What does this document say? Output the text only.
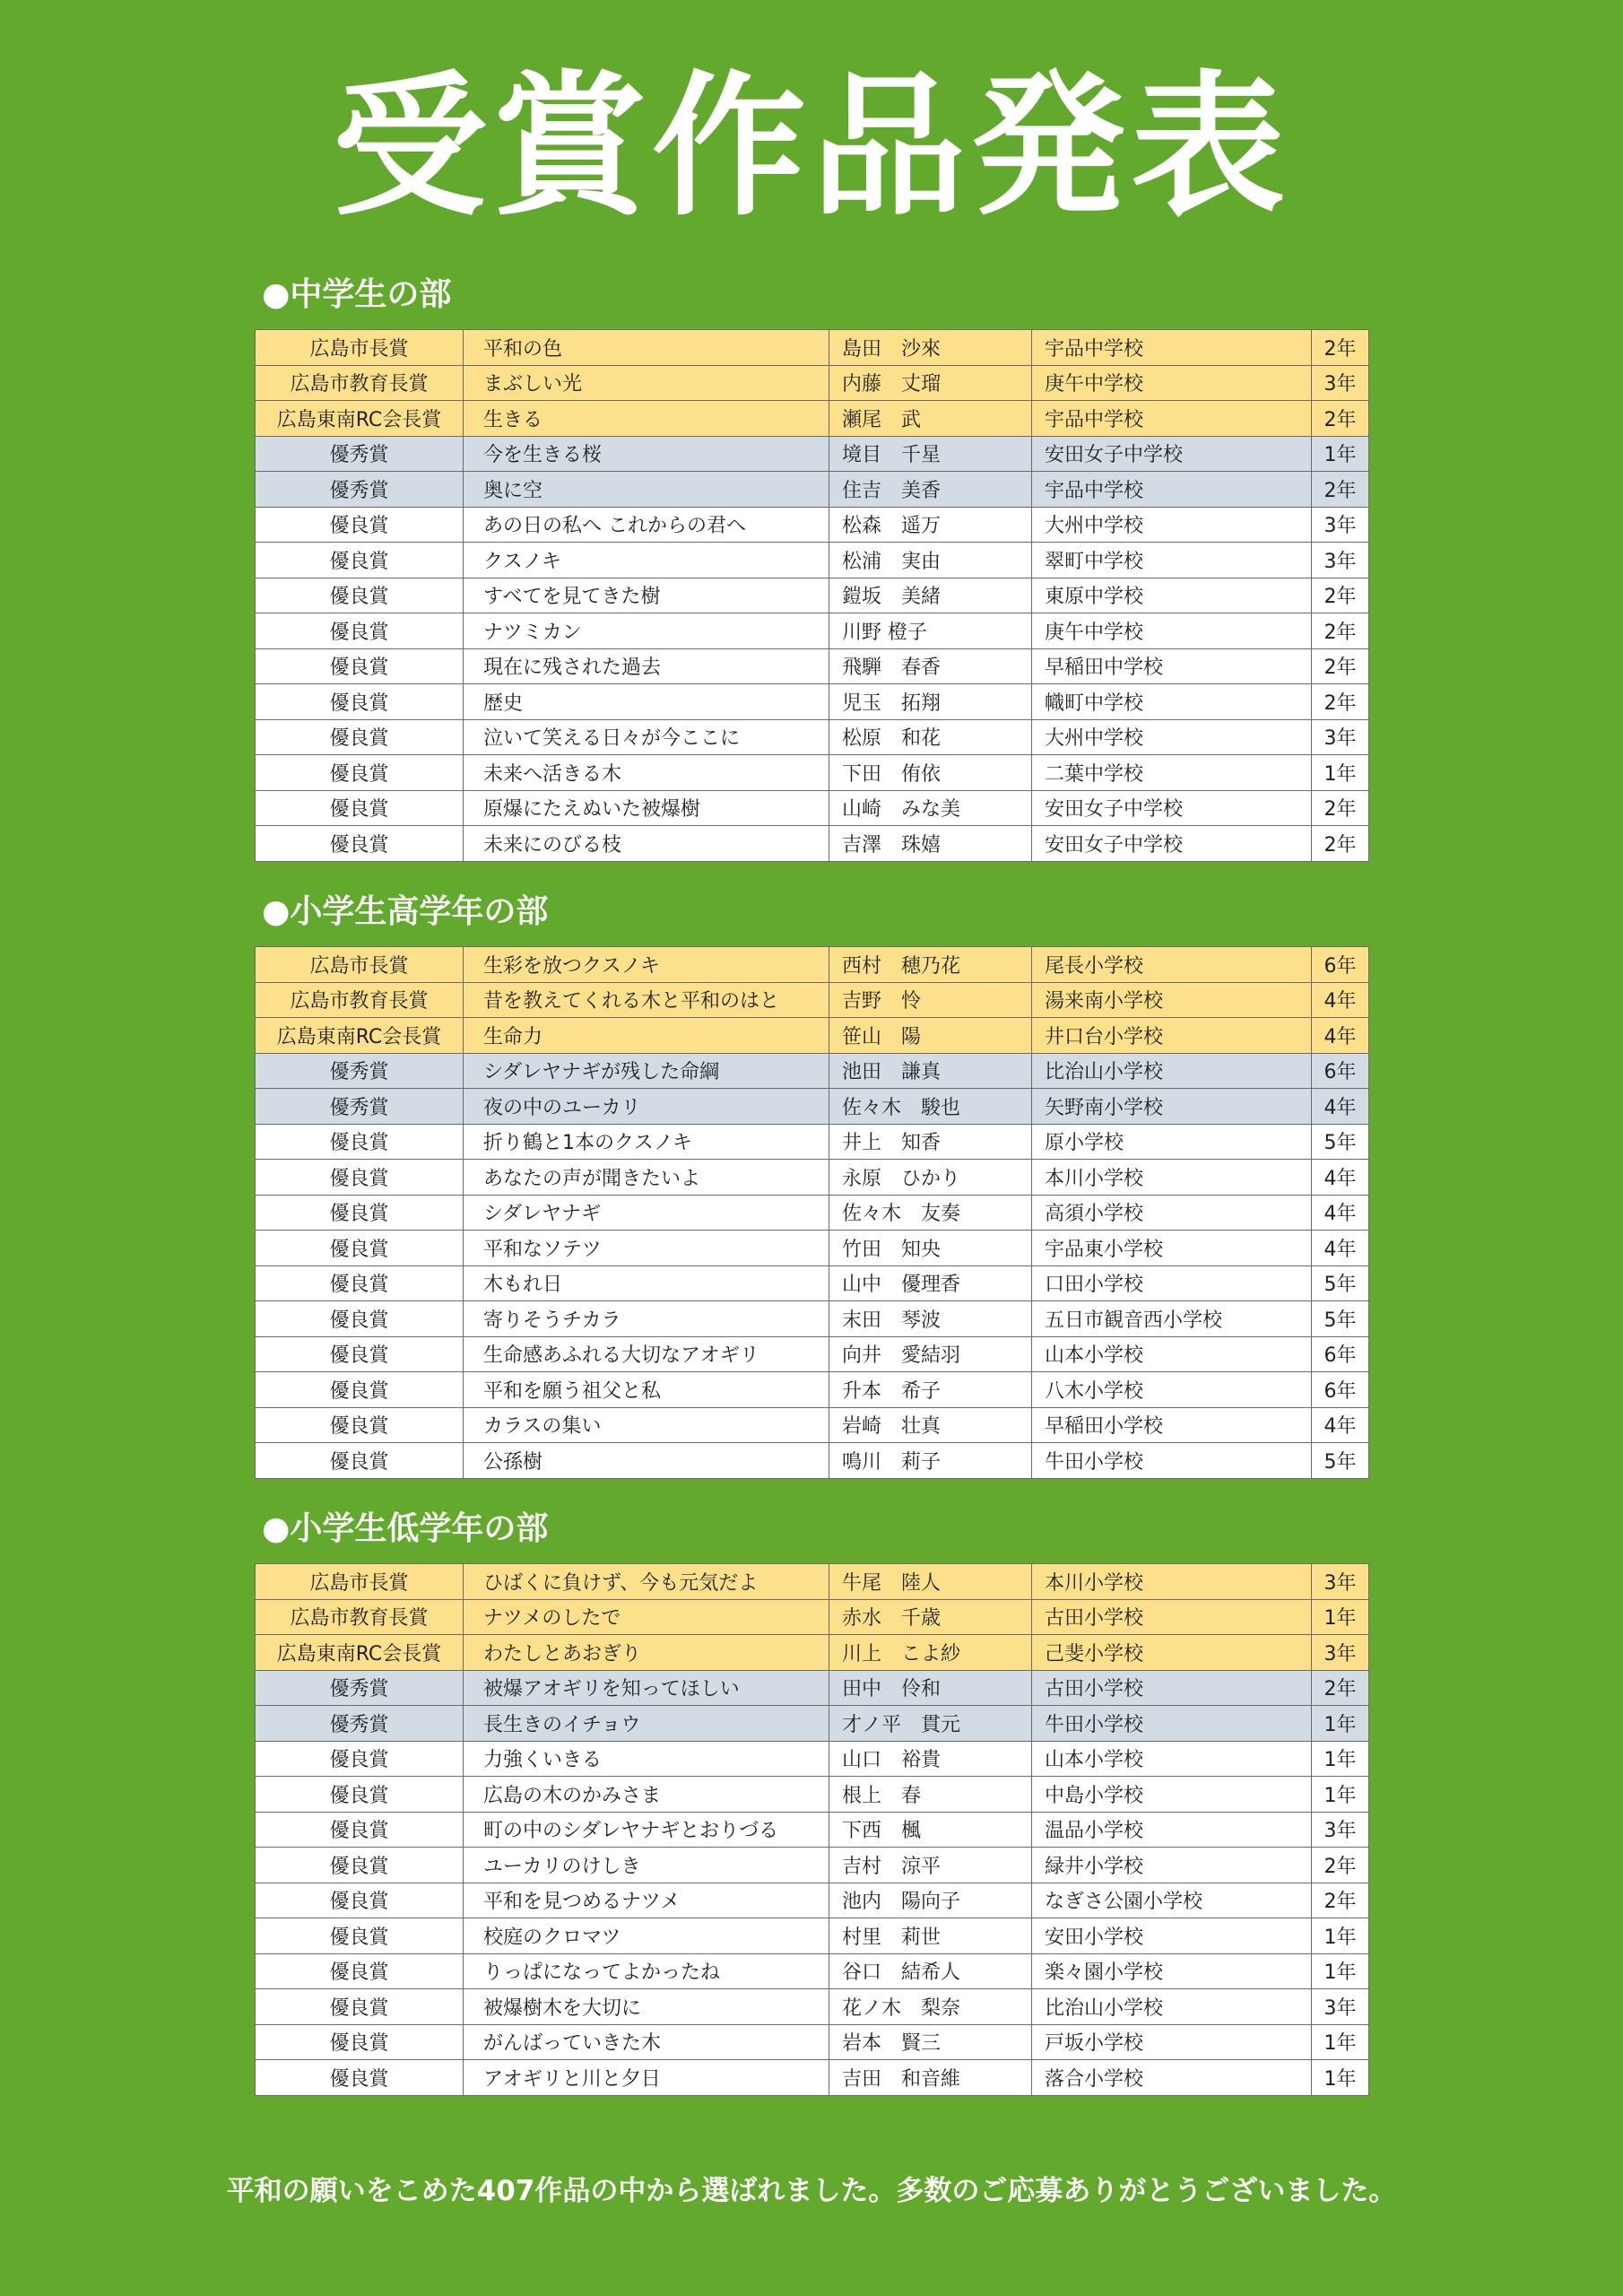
受賞作品発表
●中学生の部
広島市長賞	平和の色	島田　沙來	宇品中学校	2年
広島市教育長賞	まぶしい光	内藤　丈瑠	庚午中学校	3年
広島東南RC会長賞	生きる	瀬尾　武	宇品中学校	2年
優秀賞	今を生きる桜	境目　千星	安田女子中学校	1年
優秀賞	奥に空	住吉　美香	宇品中学校	2年
優良賞	あの日の私へ これからの君へ	松森　遥万	大州中学校	3年
優良賞	クスノキ	松浦　実由	翠町中学校	3年
優良賞	すべてを見てきた樹	鎧坂　美緒	東原中学校	2年
優良賞	ナツミカン	川野 橙子	庚午中学校	2年
優良賞	現在に残された過去	飛騨　春香	早稲田中学校	2年
優良賞	歴史	児玉　拓翔	幟町中学校	2年
優良賞	泣いて笑える日々が今ここに	松原　和花	大州中学校	3年
優良賞	未来へ活きる木	下田　侑依	二葉中学校	1年
優良賞	原爆にたえぬいた被爆樹	山崎　みな美	安田女子中学校	2年
優良賞	未来にのびる枝	吉澤　珠嬉	安田女子中学校	2年
●小学生高学年の部
広島市長賞	生彩を放つクスノキ	西村　穂乃花	尾長小学校	6年
広島市教育長賞	昔を教えてくれる木と平和のはと	吉野　怜	湯来南小学校	4年
広島東南RC会長賞	生命力	笹山　陽	井口台小学校	4年
優秀賞	シダレヤナギが残した命綱	池田　謙真	比治山小学校	6年
優秀賞	夜の中のユーカリ	佐々木　駿也	矢野南小学校	4年
優良賞	折り鶴と1本のクスノキ	井上　知香	原小学校	5年
優良賞	あなたの声が聞きたいよ	永原　ひかり	本川小学校	4年
優良賞	シダレヤナギ	佐々木　友奏	高須小学校	4年
優良賞	平和なソテツ	竹田　知央	宇品東小学校	4年
優良賞	木もれ日	山中　優理香	口田小学校	5年
優良賞	寄りそうチカラ	末田　琴波	五日市観音西小学校	5年
優良賞	生命感あふれる大切なアオギリ	向井　愛結羽	山本小学校	6年
優良賞	平和を願う祖父と私	升本　希子	八木小学校	6年
優良賞	カラスの集い	岩崎　壮真	早稲田小学校	4年
優良賞	公孫樹	鳴川　莉子	牛田小学校	5年
●小学生低学年の部
広島市長賞	ひばくに負けず、今も元気だよ	牛尾　陸人	本川小学校	3年
広島市教育長賞	ナツメのしたで	赤水　千歳	古田小学校	1年
広島東南RC会長賞	わたしとあおぎり	川上　こよ紗	己斐小学校	3年
優秀賞	被爆アオギリを知ってほしい	田中　伶和	古田小学校	2年
優秀賞	長生きのイチョウ	才ノ平　貫元	牛田小学校	1年
優良賞	力強くいきる	山口　裕貴	山本小学校	1年
優良賞	広島の木のかみさま	根上　春	中島小学校	1年
優良賞	町の中のシダレヤナギとおりづる	下西　楓	温品小学校	3年
優良賞	ユーカリのけしき	吉村　涼平	緑井小学校	2年
優良賞	平和を見つめるナツメ	池内　陽向子	なぎさ公園小学校	2年
優良賞	校庭のクロマツ	村里　莉世	安田小学校	1年
優良賞	りっぱになってよかったね	谷口　結希人	楽々園小学校	1年
優良賞	被爆樹木を大切に	花ノ木　梨奈	比治山小学校	3年
優良賞	がんばっていきた木	岩本　賢三	戸坂小学校	1年
優良賞	アオギリと川と夕日	吉田　和音維	落合小学校	1年
平和の願いをこめた407作品の中から選ばれました。多数のご応募ありがとうございました。
